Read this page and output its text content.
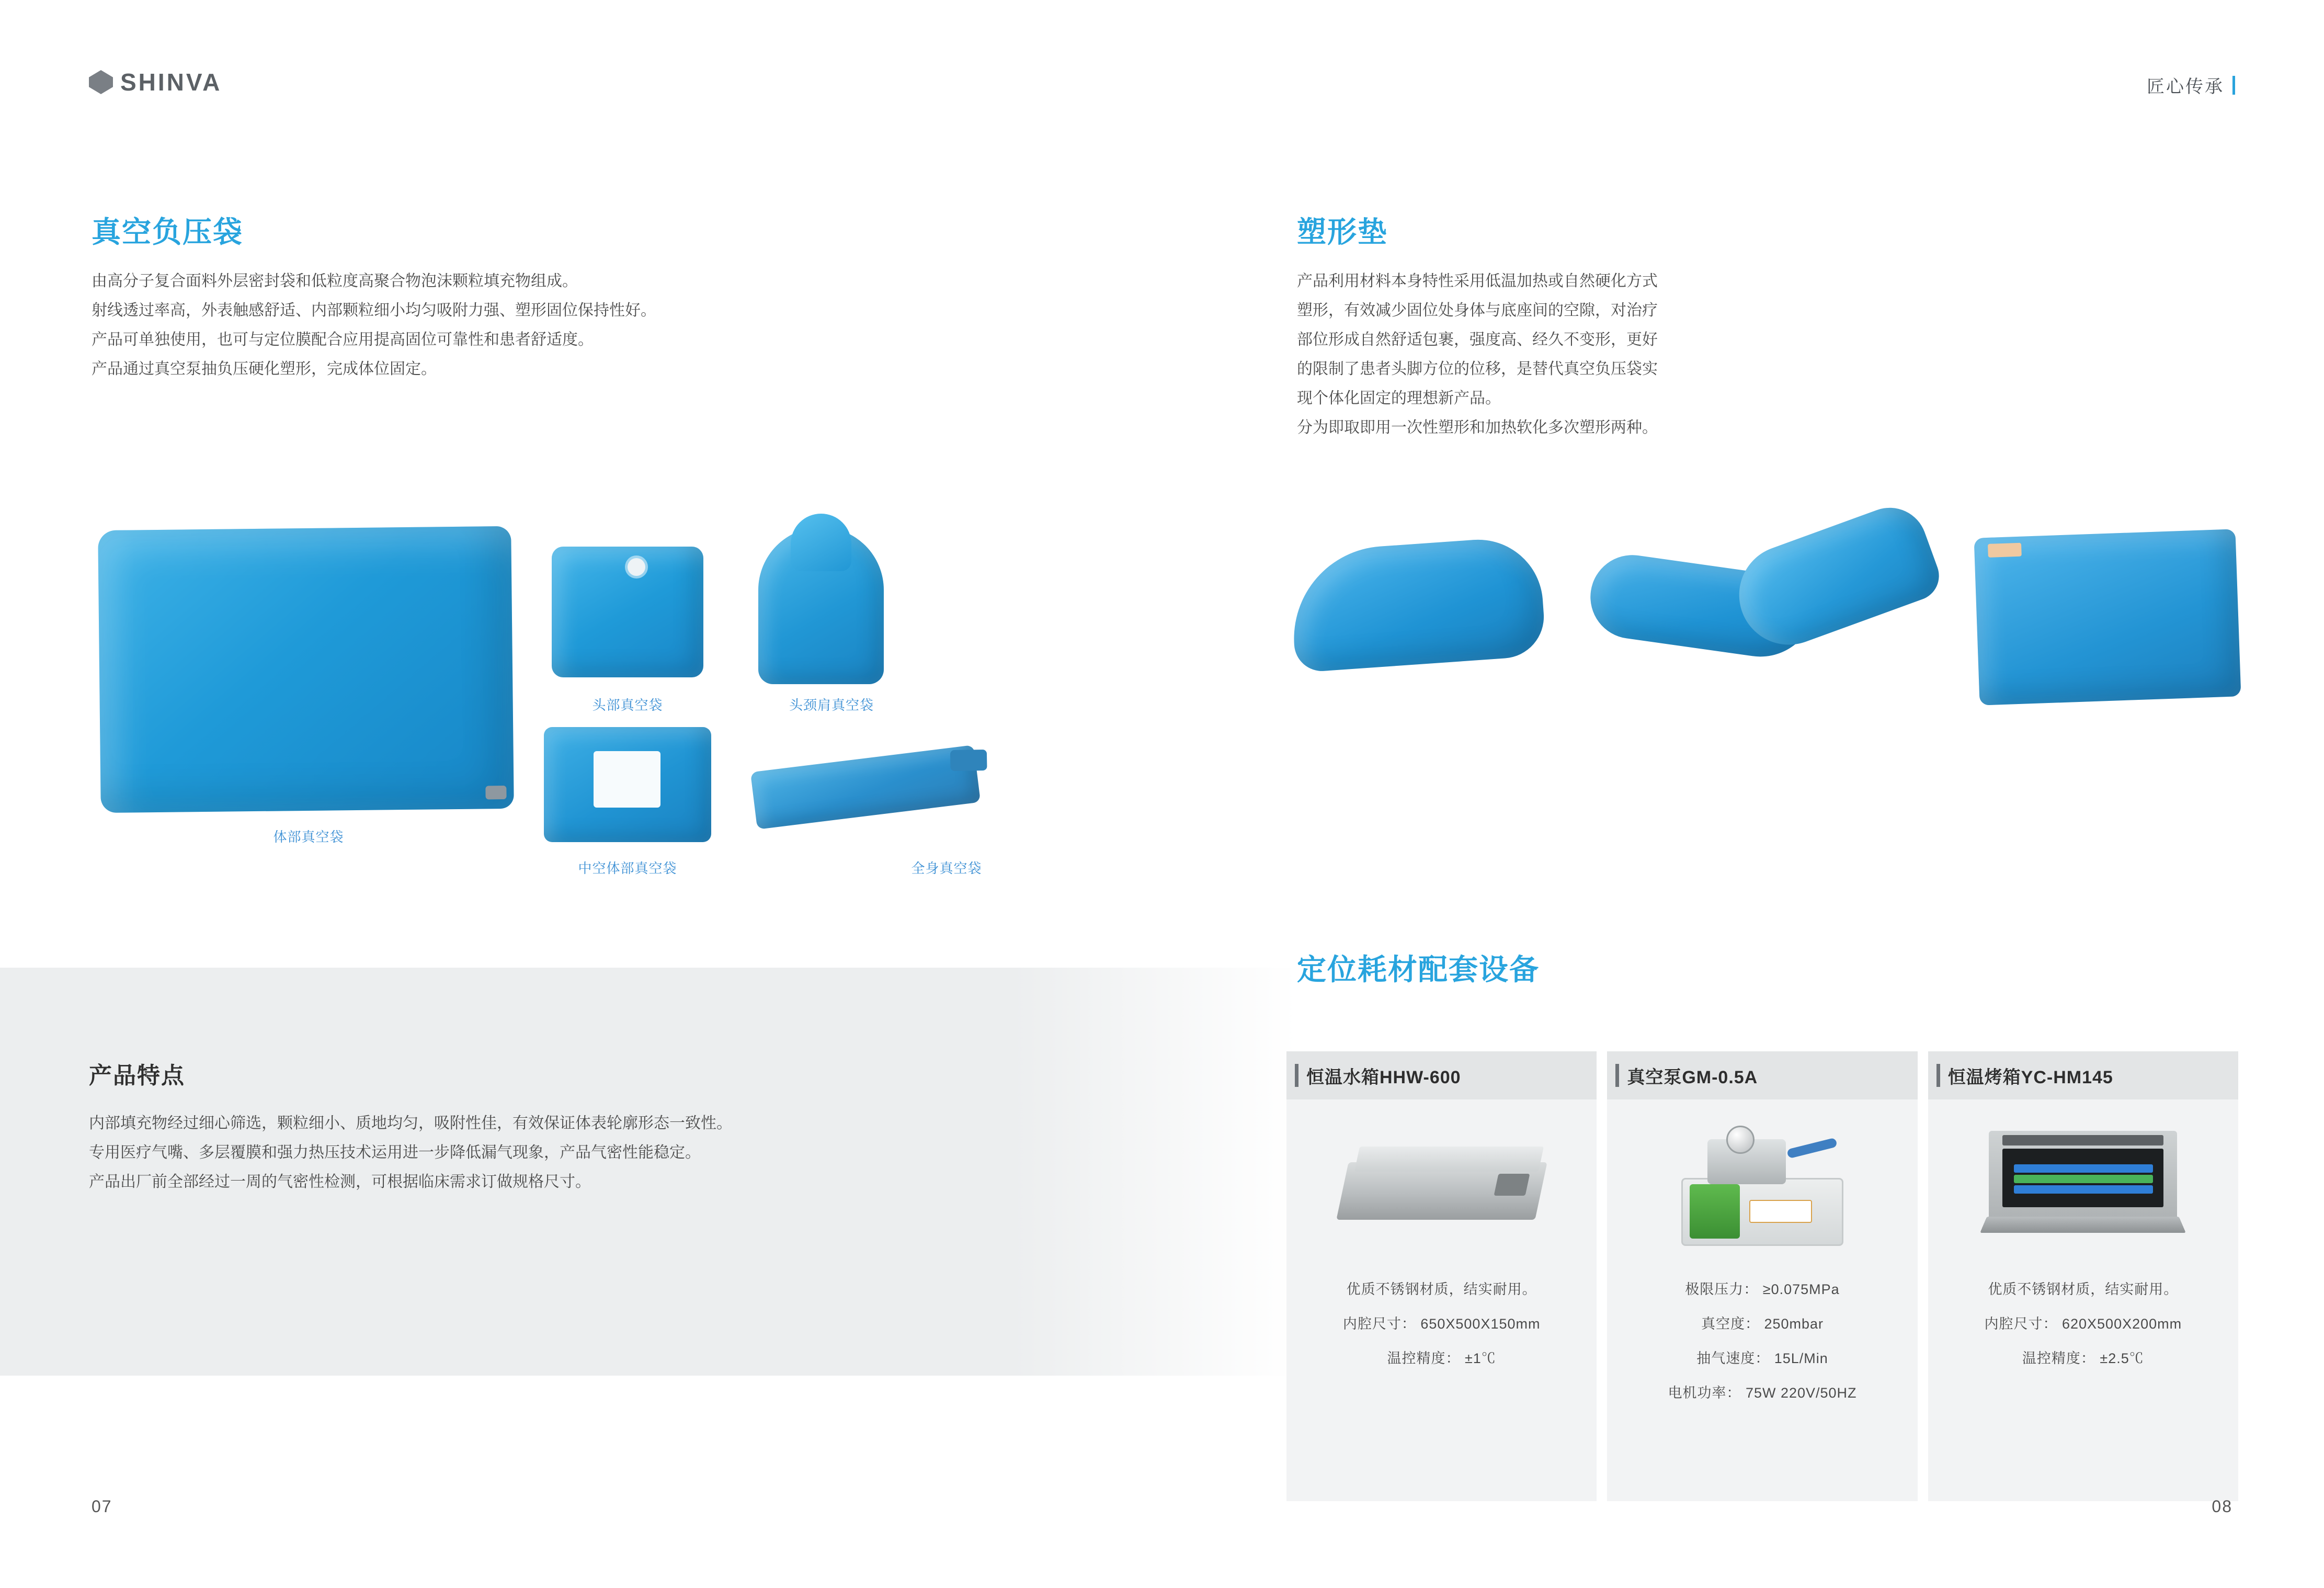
SHINVA	匠心传承
真空负压袋

由高分子复合面料外层密封袋和低粒度高聚合物泡沫颗粒填充物组成。

射线透过率高，外表触感舒适、内部颗粒细小均匀吸附力强、塑形固位保持性好。

产品可单独使用，也可与定位膜配合应用提高固位可靠性和患者舒适度。

产品通过真空泵抽负压硬化塑形，完成体位固定。

体部真空袋
头部真空袋	头颈肩真空袋
中空体部真空袋	全身真空袋
产品特点

内部填充物经过细心筛选，颗粒细小、质地均匀，吸附性佳，有效保证体表轮廓形态一致性。

专用医疗气嘴、多层覆膜和强力热压技术运用进一步降低漏气现象，产品气密性能稳定。

产品出厂前全部经过一周的气密性检测，可根据临床需求订做规格尺寸。

塑形垫

产品利用材料本身特性采用低温加热或自然硬化方式

塑形，有效减少固位处身体与底座间的空隙，对治疗

部位形成自然舒适包裹，强度高、经久不变形，更好

的限制了患者头脚方位的位移，是替代真空负压袋实

现个体化固定的理想新产品。

分为即取即用一次性塑形和加热软化多次塑形两种。

定位耗材配套设备
恒温水箱HHW-600
优质不锈钢材质，结实耐用。
内腔尺寸： 650X500X150mm
温控精度： ±1℃
真空泵GM-0.5A
极限压力： ≥0.075MPa
真空度： 250mbar
抽气速度： 15L/Min
电机功率： 75W 220V/50HZ
恒温烤箱YC-HM145
优质不锈钢材质，结实耐用。
内腔尺寸： 620X500X200mm
温控精度： ±2.5℃
07	08
